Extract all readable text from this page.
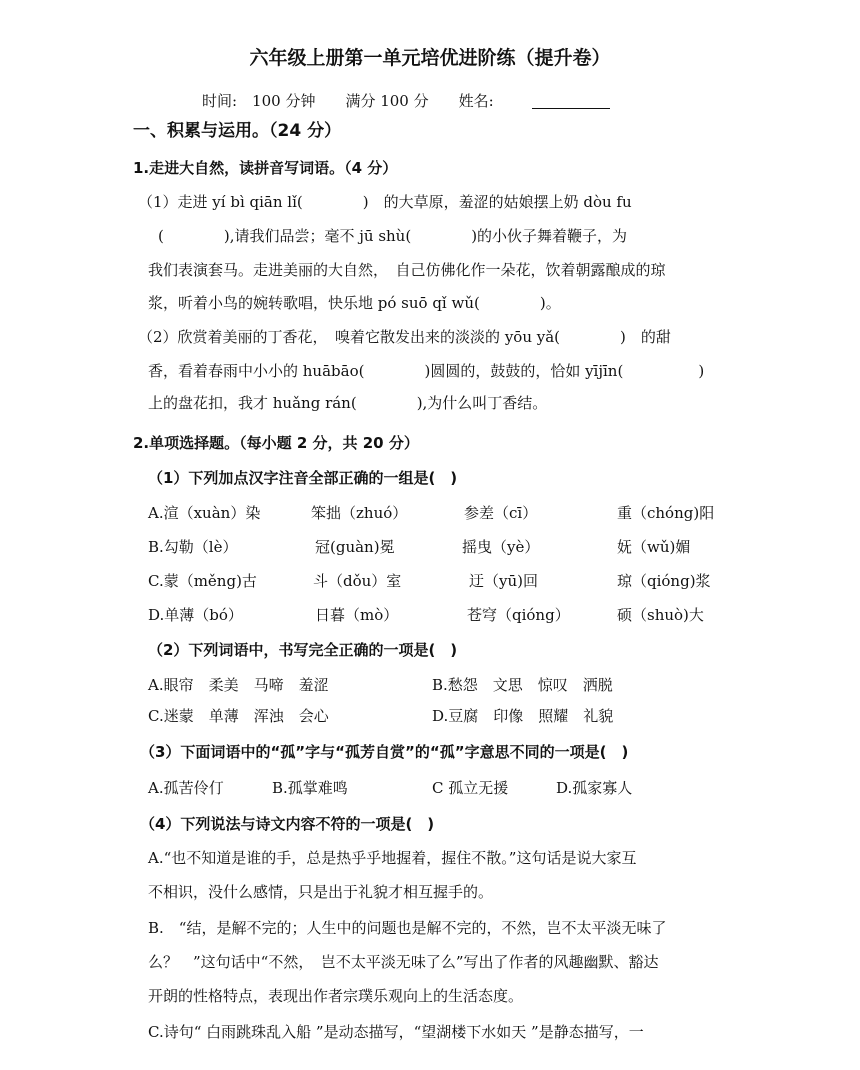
六年级上册第一单元培优进阶练（提升卷）
时间:　100 分钟　　满分 100 分　　姓名:
一、积累与运用。（24 分）
1.走进大自然，读拼音写词语。（4 分）
（1）走进 yí bì qiān lǐ(　　　　)　的大草原，羞涩的姑娘摆上奶 dòu fu
(　　　　),请我们品尝；毫不 jū shù(　　　　)的小伙子舞着鞭子，为
我们表演套马。走进美丽的大自然，　自己仿佛化作一朵花，饮着朝露酿成的琼
浆，听着小鸟的婉转歌唱，快乐地 pó suō qǐ wǔ(　　　　)。
（2）欣赏着美丽的丁香花，　嗅着它散发出来的淡淡的 yōu yǎ(　　　　)　的甜
香，看着春雨中小小的 huābāo(　　　　)圆圆的，鼓鼓的，恰如 yījīn(　　　　　)
上的盘花扣，我才 huǎng rán(　　　　),为什么叫丁香结。
2.单项选择题。（每小题 2 分，共 20 分）
（1）下列加点汉字注音全部正确的一组是(　)
A.渲（xuàn）染	笨拙（zhuó）	参差（cī）	重（chóng)阳
B.勾勒（lè）	冠(guàn)冕	摇曳（yè）	妩（wǔ)媚
C.蒙（měng)古	斗（dǒu）室	迂（yū)回	琼（qióng)浆
D.单薄（bó）	日暮（mò）	苍穹（qióng）	硕（shuò)大
（2）下列词语中，书写完全正确的一项是(　)
A.眼帘　柔美　马啼　羞涩	B.愁怨　文思　惊叹　洒脱
C.迷蒙　单薄　浑浊　会心	D.豆腐　印像　照耀　礼貌
（3）下面词语中的“孤”字与“孤芳自赏”的“孤”字意思不同的一项是(　)
A.孤苦伶仃	B.孤掌难鸣	C 孤立无援	D.孤家寡人
（4）下列说法与诗文内容不符的一项是(　)
A.“也不知道是谁的手，总是热乎乎地握着，握住不散。”这句话是说大家互
不相识，没什么感情，只是出于礼貌才相互握手的。
B.　“结，是解不完的；人生中的问题也是解不完的，不然，岂不太平淡无味了
么？　”这句话中“不然，　岂不太平淡无味了么”写出了作者的风趣幽默、豁达
开朗的性格特点，表现出作者宗璞乐观向上的生活态度。
C.诗句“ 白雨跳珠乱入船 ”是动态描写，“望湖楼下水如天 ”是静态描写，一
